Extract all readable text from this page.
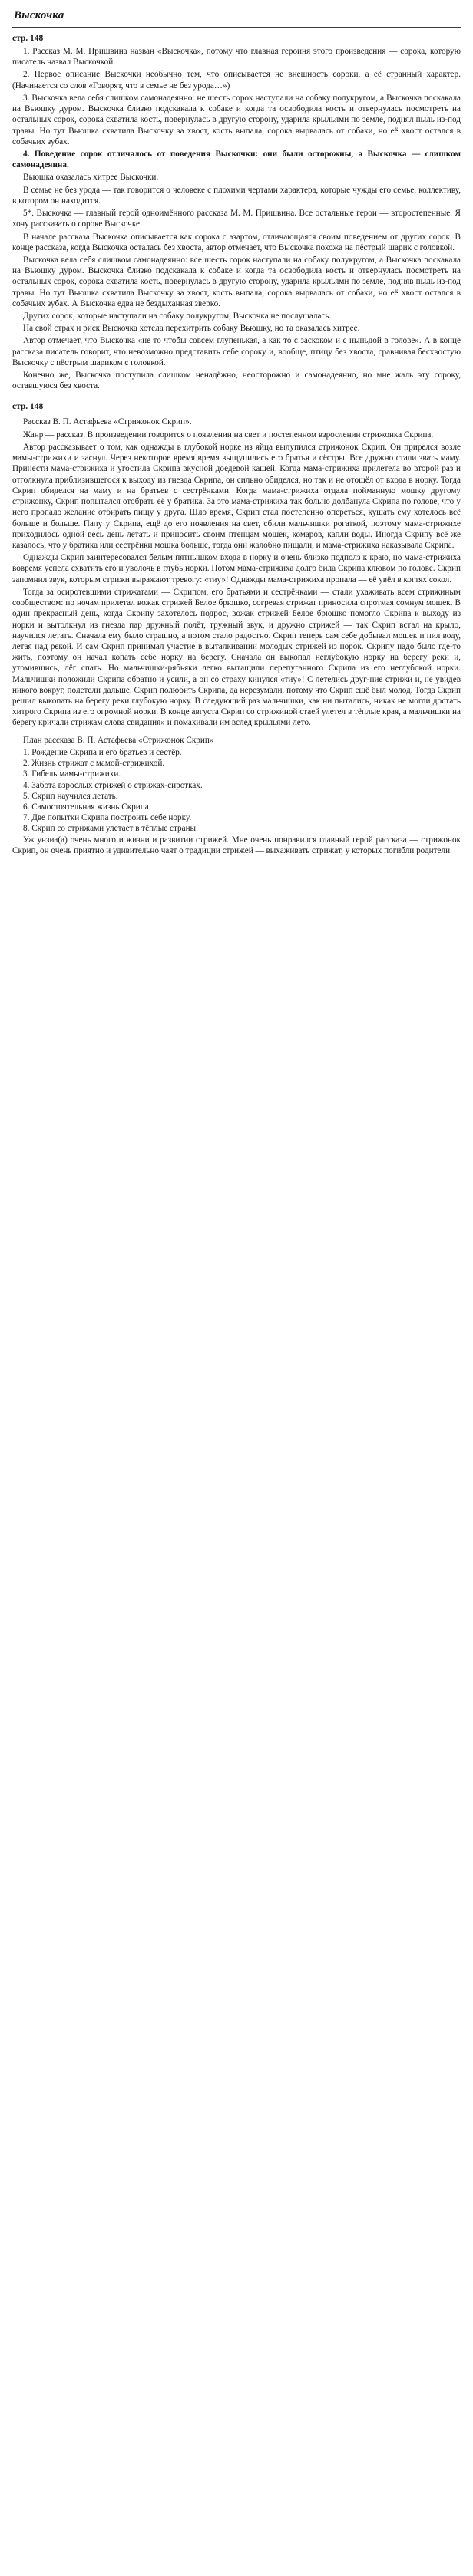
Выскочка
стр. 148

1. Рассказ М. М. Пришвина назван «Выскочка», потому что главная героиня этого произведения — сорока, которую писатель назвал Выскочкой.

2. Первое описание Выскочки необычно тем, что описывается не внешность сороки, а её странный характер. (Начинается со слов «Говорят, что в семье не без урода…»)

3. Выскочка вела себя слишком самонадеянно: не шесть сорок наступали на собаку полукругом, а Выскочка поскакала на Вьюшку дуром. Выскочка близко подскакала к собаке и когда та освободила кость и отвернулась посмотреть на остальных сорок, сорока схватила кость, повернулась в другую сторону, ударила крыльями по земле, поднял пыль из-под травы. Но тут Вьюшка схватила Выскочку за хвост, кость выпала, сорока вырвалась от собаки, но её хвост остался в собачьих зубах.

4. Поведение сорок отличалось от поведения Выскочки: они были осторожны, а Выскочка — слишком самонадеянна.

Вьюшка оказалась хитрее Выскочки.

В семье не без урода — так говорится о человеке с плохими чертами характера, которые чужды его семье, коллективу, в котором он находится.

5*. Выскочка — главный герой одноимённого рассказа М. М. Пришвина. Все остальные герои — второстепенные. Я хочу рассказать о сороке Выскочке.

В начале рассказа Выскочка описывается как сорока с азартом, отличающаяся своим поведением от других сорок. В конце рассказа, когда Выскочка осталась без хвоста, автор отмечает, что Выскочка похожа на пёстрый шарик с головкой.

Выскочка вела себя слишком самонадеянно: все шесть сорок наступали на собаку полукругом, а Выскочка поскакала на Вьюшку дуром. Выскочка близко подскакала к собаке и когда та освободила кость и отвернулась посмотреть на остальных сорок, сорока схватила кость, повернулась в другую сторону, ударила крыльями по земле, подняв пыль из-под травы. Но тут Вьюшка схватила Выскочку за хвост, кость выпала, сорока вырвалась от собаки, но её хвост остался в собачьих зубах. А Выскочка едва не бездыханная зверко.

Других сорок, которые наступали на собаку полукругом, Выскочка не послушалась.

На свой страх и риск Выскочка хотела перехитрить собаку Вьюшку, но та оказалась хитрее.

Автор отмечает, что Выскочка «не то чтобы совсем глупенькая, а как то с заскоком и с ныньдой в голове». А в конце рассказа писатель говорит, что невозможно представить себе сороку и, вообще, птицу без хвоста, сравнивая бесхвостую Выскочку с пёстрым шариком с головкой.

Конечно же, Выскочка поступила слишком ненадёжно, неосторожно и самонадеянно, но мне жаль эту сороку, оставшуюся без хвоста.

стр. 148
Рассказ В. П. Астафьева «Стрижонок Скрип».

Жанр — рассказ. В произведении говорится о появлении на свет и постепенном взрослении стрижонка Скрипа.

Автор рассказывает о том, как однажды в глубокой норке из яйца вылупился стрижонок Скрип. Он прирелся возле мамы-стрижихи и заснул. Через некоторое время время выщупились его братья и сёстры. Все дружно стали звать маму. Принести мама-стрижиха и угостила Скрипа вкусной доедевой кашей. Когда мама-стрижиха прилетела во второй раз и отголкнула приблизившегося к выходу из гнезда Скрипа, он сильно обиделся, но так и не отошёл от входа в норку. Тогда Скрип обиделся на маму и на братьев с сестрёнками. Когда мама-стрижиха отдала пойманную мошку другому стрижонку, Скрип попытался отобрать её у братика. За это мама-стрижиха так больно долбанула Скрипа по голове, что у него пропало желание отбирать пищу у друга. Шло время, Скрип стал постепенно опереться, кушать ему хотелось всё больше и больше. Папу у Скрипа, ещё до его появления на свет, сбили мальчишки рогаткой, поэтому мама-стрижихе приходилось одной весь день летать и приносить своим птенцам мошек, комаров, капли воды. Иногда Скрипу всё же казалось, что у братика или сестрёнки мошка больше, тогда они жалобно пищали, и мама-стрижиха наказывала Скрипа.

Однажды Скрип заинтересовался белым пятнышком входа в норку и очень близко подполз к краю, но мама-стрижиха вовремя успела схватить его и уволочь в глубь норки. Потом мама-стрижиха долго била Скрипа клювом по голове. Скрип запомнил звук, которым стрижи выражают тревогу: «тиу»! Однажды мама-стрижиха пропала — её увёл в когтях сокол.

Тогда за осиротевшими стрижатами — Скрипом, его братьями и сестрёнками — стали ухаживать всем стрижиным сообществом: по ночам прилетал вожак стрижей Белое брюшко, согревая стрижат приносила спротмая сомнум мошек. В один прекрасный день, когда Скрипу захотелось подрос, вожак стрижей Белое брюшко помогло Скрипа к выходу из норки и вытолкнул из гнезда пар дружный полёт, тружный звук, и дружно стрижей — так Скрип встал на крыло, научился летать. Сначала ему было страшно, а потом стало радостно. Скрип теперь сам себе добывал мошек и пил воду, летая над рекой. И сам Скрип принимал участие в выталкивании молодых стрижей из норок. Скрипу надо было где-то жить, поэтому он начал копать себе норку на берегу. Сначала он выкопал неглубокую норку на берегу реки и, утомившись, лёг спать. Но мальчишки-рябьяки легко вытащили перепуганного Скрипа из его неглубокой норки. Мальчишки положили Скрипа обратно и усили, а он со страху кинулся «тиу»! С летелись друг-ние стрижи и, не увидев никого вокруг, полетели дальше. Скрип полюбить Скрипа, да нерезумали, потому что Скрип ещё был молод. Тогда Скрип решил выкопать на берегу реки глубокую норку. В следующий раз мальчишки, как ни пытались, никак не могли достать хитрого Скрипа из его огромной норки. В конце августа Скрип со стрижиной стаей улетел в тёплые края, а мальчишки на берегу кричали стрижам слова свидания» и помахивали им вслед крыльями лето.

План рассказа В. П. Астафьева «Стрижонок Скрип»
1. Рождение Скрипа и его братьев и сестёр.
2. Жизнь стрижат с мамой-стрижихой.
3. Гибель мамы-стрижихи.
4. Забота взрослых стрижей о стрижах-сиротках.
5. Скрип научился летать.
6. Самостоятельная жизнь Скрипа.
7. Две попытки Скрипа построить себе норку.
8. Скрип со стрижами улетает в тёплые страны.

Уж унзиа(а) очень много и жизни и развитии стрижей. Мне очень понравился главный герой рассказа — стрижонок Скрип, он очень приятно и удивительно чаят о традиции стрижей — выхаживать стрижат, у которых погибли родители.
